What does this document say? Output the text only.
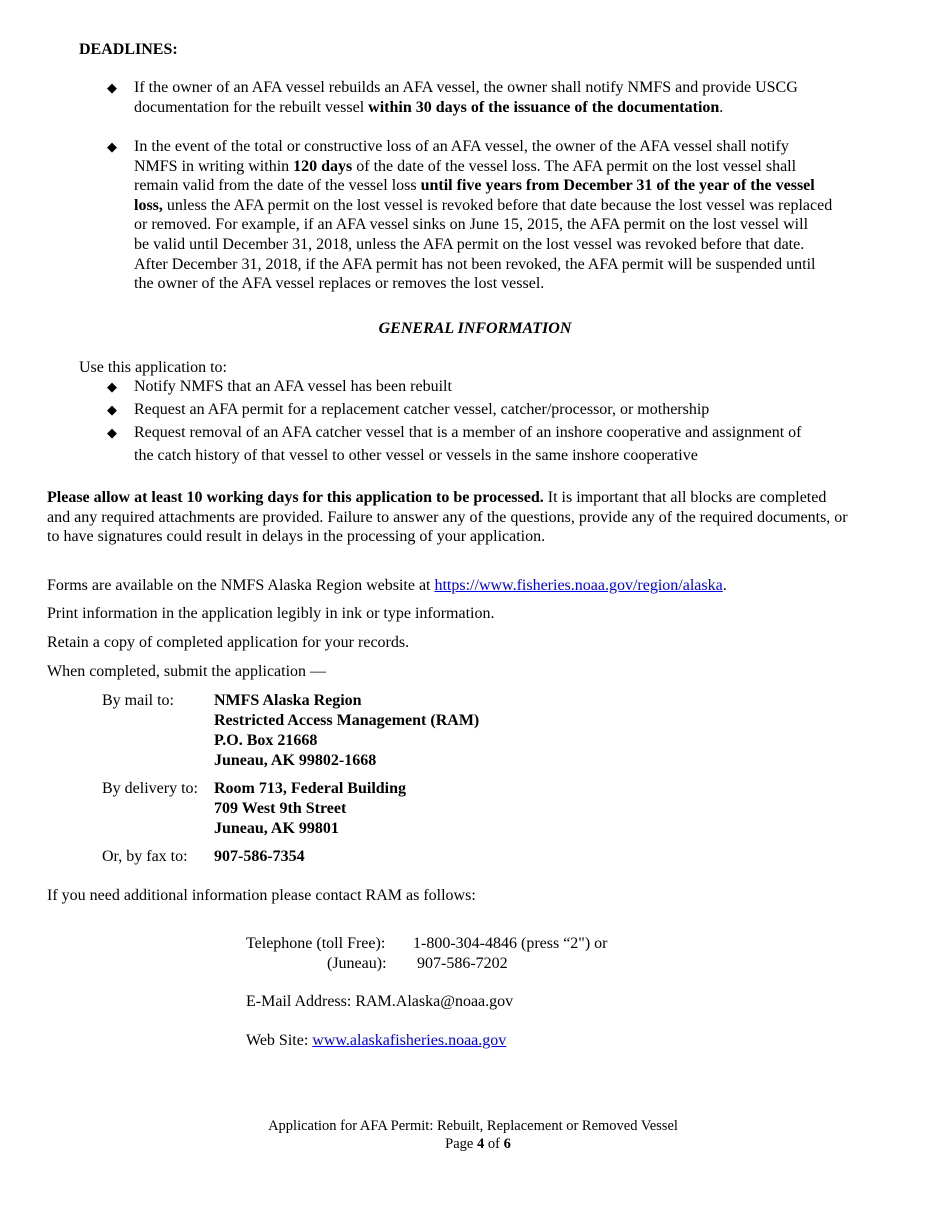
DEADLINES:

◆ If the owner of an AFA vessel rebuilds an AFA vessel, the owner shall notify NMFS and provide USCG

documentation for the rebuilt vessel within 30 days of the issuance of the documentation.

◆ In the event of the total or constructive loss of an AFA vessel, the owner of the AFA vessel shall notify

NMFS in writing within 120 days of the date of the vessel loss. The AFA permit on the lost vessel shall

remain valid from the date of the vessel loss until five years from December 31 of the year of the vessel

loss, unless the AFA permit on the lost vessel is revoked before that date because the lost vessel was replaced

or removed. For example, if an AFA vessel sinks on June 15, 2015, the AFA permit on the lost vessel will

be valid until December 31, 2018, unless the AFA permit on the lost vessel was revoked before that date.

After December 31, 2018, if the AFA permit has not been revoked, the AFA permit will be suspended until

the owner of the AFA vessel replaces or removes the lost vessel.

GENERAL INFORMATION

Use this application to:

◆ Notify NMFS that an AFA vessel has been rebuilt

◆ Request an AFA permit for a replacement catcher vessel, catcher/processor, or mothership

◆ Request removal of an AFA catcher vessel that is a member of an inshore cooperative and assignment of

the catch history of that vessel to other vessel or vessels in the same inshore cooperative

Please allow at least 10 working days for this application to be processed. It is important that all blocks are completed

and any required attachments are provided. Failure to answer any of the questions, provide any of the required documents, or

to have signatures could result in delays in the processing of your application.

Forms are available on the NMFS Alaska Region website at https://www.fisheries.noaa.gov/region/alaska.

Print information in the application legibly in ink or type information.

Retain a copy of completed application for your records.

When completed, submit the application —

By mail to:	NMFS Alaska Region

Restricted Access Management (RAM)

P.O. Box 21668

Juneau, AK 99802-1668

By delivery to: Room 713, Federal Building

709 West 9th Street

Juneau, AK 99801

Or, by fax to: 907-586-7354

If you need additional information please contact RAM as follows:

Telephone (toll Free): 1-800-304-4846 (press “2") or

(Juneau): 907-586-7202

E-Mail Address: RAM.Alaska@noaa.gov

Web Site: www.alaskafisheries.noaa.gov

Application for AFA Permit: Rebuilt, Replacement or Removed Vessel

Page 4 of 6
